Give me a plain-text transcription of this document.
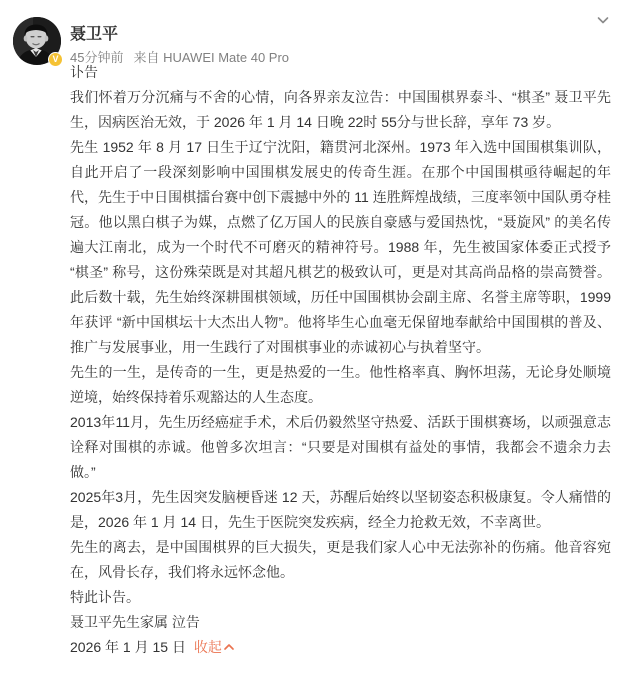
V
聂卫平
45分钟前 来自 HUAWEI Mate 40 Pro

讣告

我们怀着万分沉痛与不舍的心情，向各界亲友泣告：中国围棋界泰斗、“棋圣” 聂卫平先生，因病医治无效，于 2026 年 1 月 14 日晚 22时 55分与世长辞，享年 73 岁。

先生 1952 年 8 月 17 日生于辽宁沈阳，籍贯河北深州。1973 年入选中国围棋集训队，自此开启了一段深刻影响中国围棋发展史的传奇生涯。在那个中国围棋亟待崛起的年代，先生于中日围棋擂台赛中创下震撼中外的 11 连胜辉煌战绩，三度率领中国队勇夺桂冠。他以黑白棋子为媒，点燃了亿万国人的民族自豪感与爱国热忱，“聂旋风” 的美名传遍大江南北，成为一个时代不可磨灭的精神符号。1988 年，先生被国家体委正式授予 “棋圣” 称号，这份殊荣既是对其超凡棋艺的极致认可，更是对其高尚品格的崇高赞誉。此后数十载，先生始终深耕围棋领域，历任中国围棋协会副主席、名誉主席等职，1999 年获评 “新中国棋坛十大杰出人物”。他将毕生心血毫无保留地奉献给中国围棋的普及、推广与发展事业，用一生践行了对围棋事业的赤诚初心与执着坚守。

先生的一生，是传奇的一生，更是热爱的一生。他性格率真、胸怀坦荡，无论身处顺境逆境，始终保持着乐观豁达的人生态度。

2013年11月，先生历经癌症手术，术后仍毅然坚守热爱、活跃于围棋赛场，以顽强意志诠释对围棋的赤诚。他曾多次坦言：“只要是对围棋有益处的事情，我都会不遗余力去做。”

2025年3月，先生因突发脑梗昏迷 12 天，苏醒后始终以坚韧姿态积极康复。令人痛惜的是，2026 年 1 月 14 日，先生于医院突发疾病，经全力抢救无效，不幸离世。

先生的离去，是中国围棋界的巨大损失，更是我们家人心中无法弥补的伤痛。他音容宛在，风骨长存，我们将永远怀念他。

特此讣告。

聂卫平先生家属 泣告

2026 年 1 月 15 日 收起
